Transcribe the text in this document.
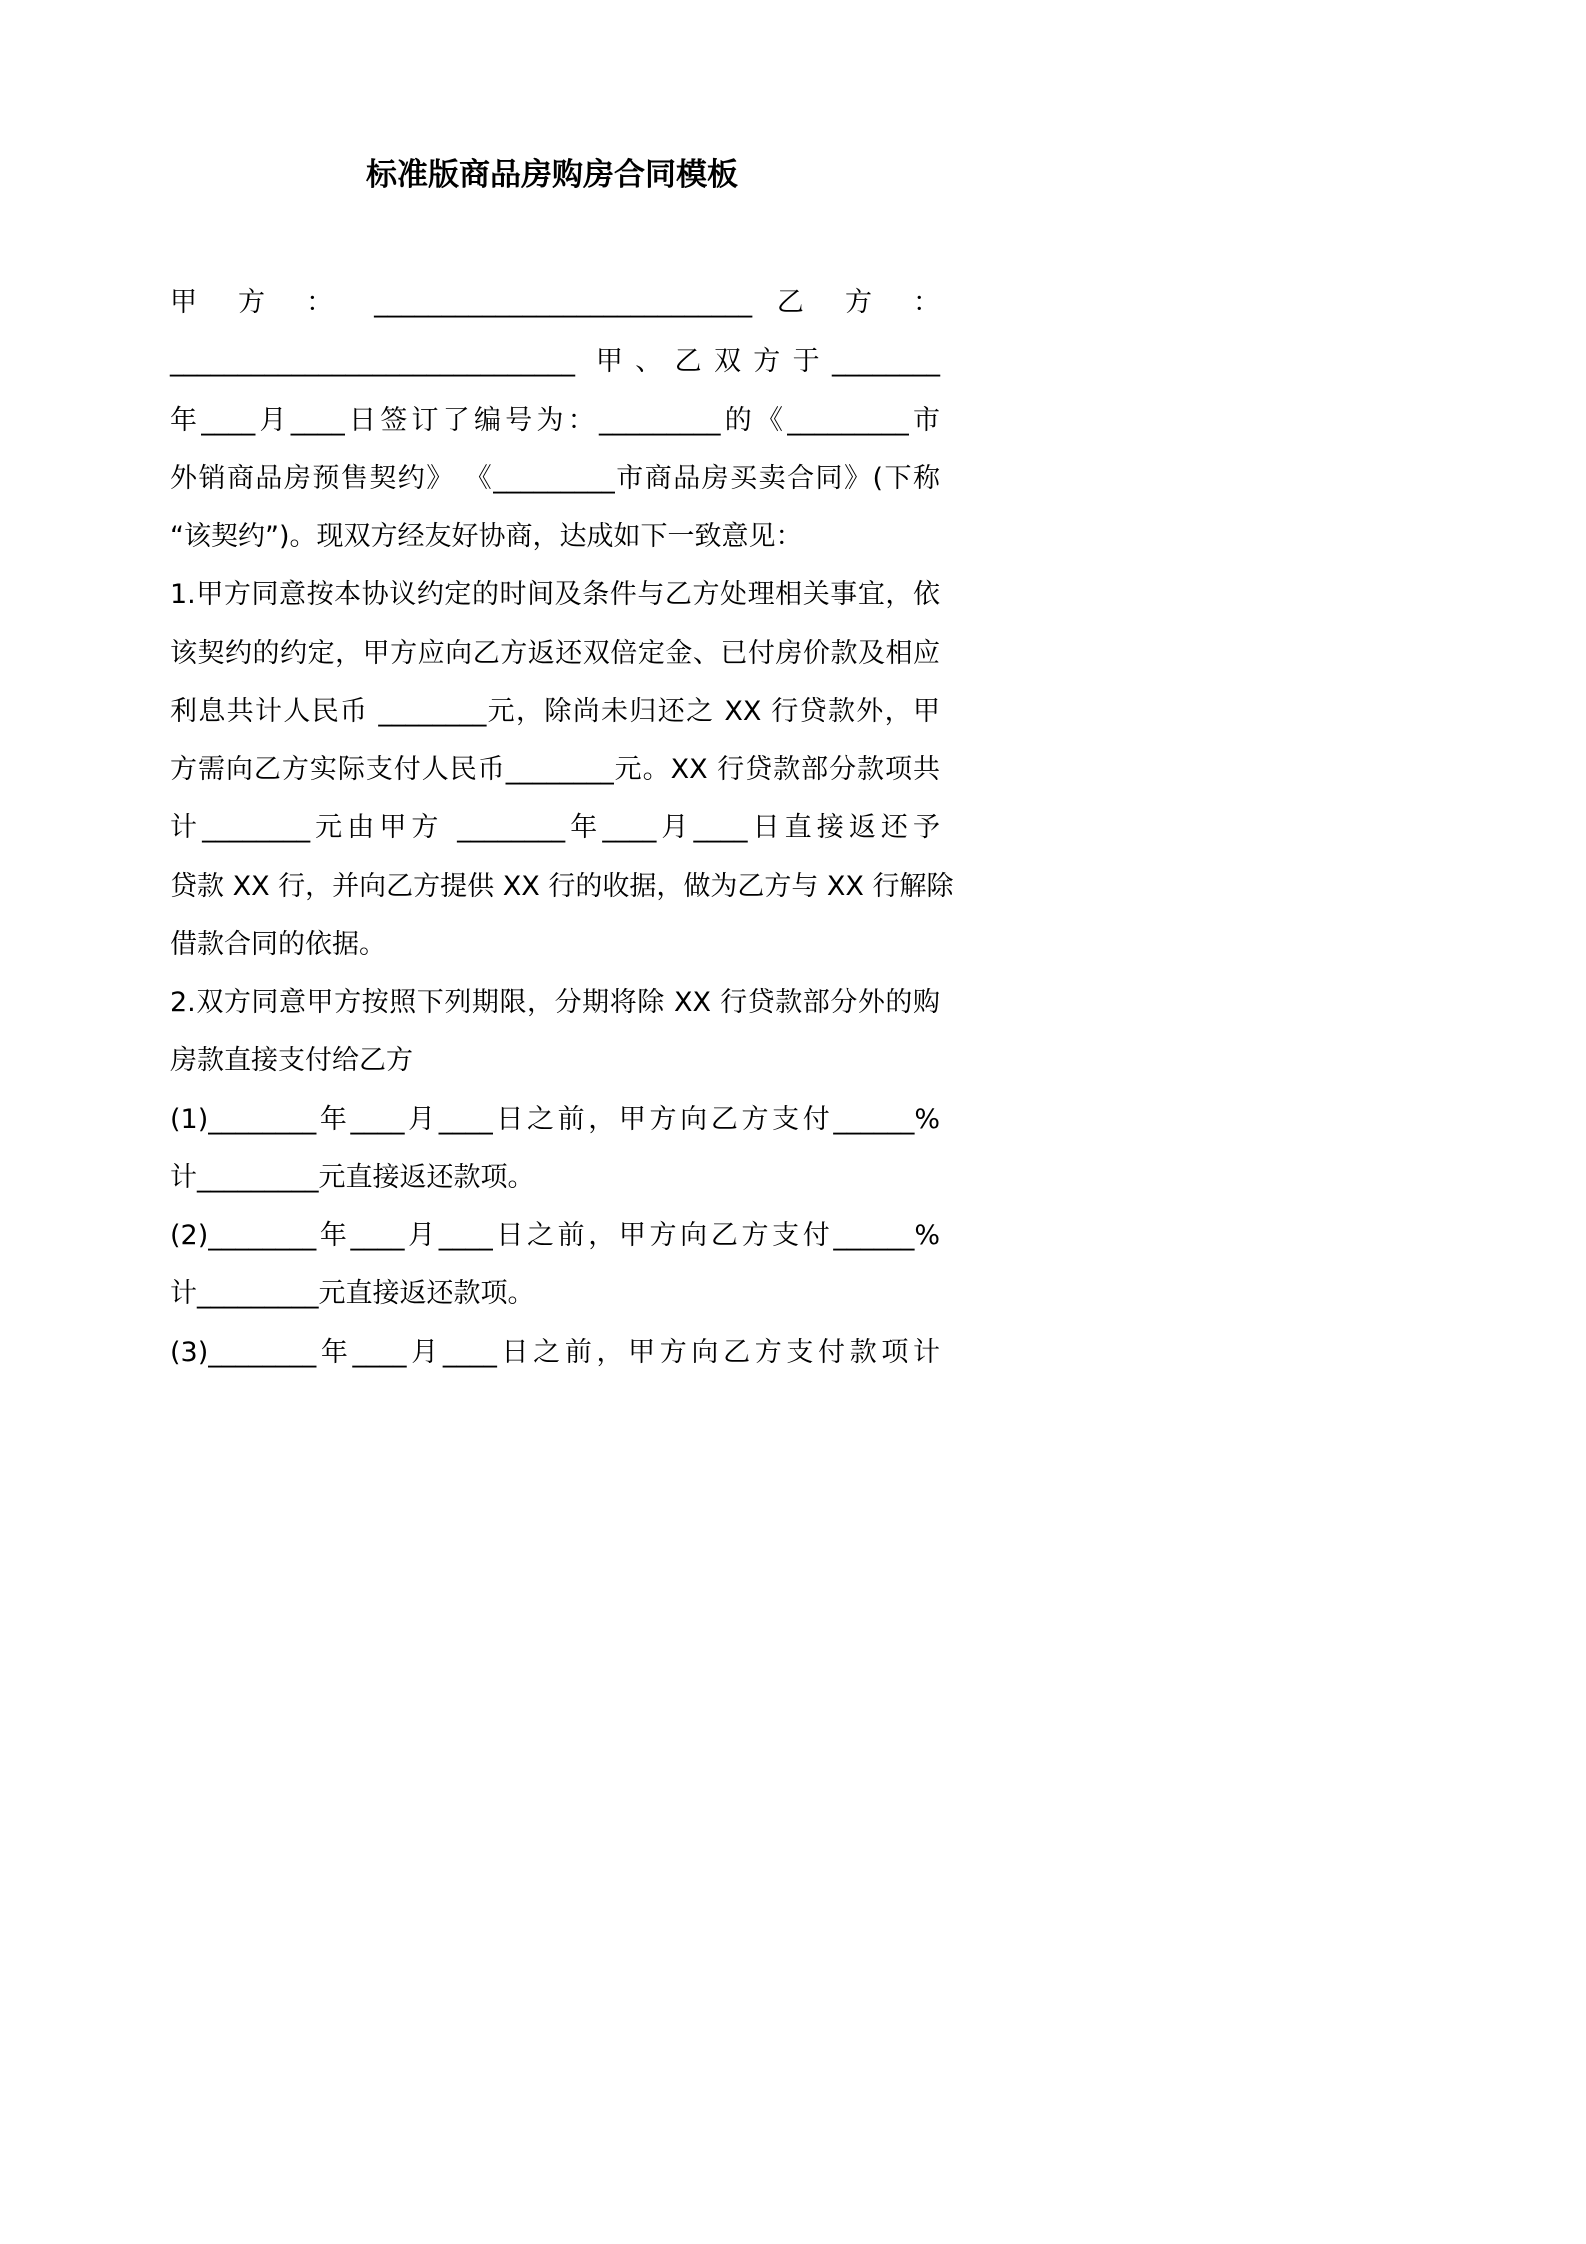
标准版商品房购房合同模板

甲 方 ： ____________________________ 乙 方 ：

______________________________ 甲、乙双方于________

年____月____日签订了编号为：_________的《_________市

外销商品房预售契约》 《_________市商品房买卖合同》(下称

“该契约”)。现双方经友好协商，达成如下一致意见：

1.甲方同意按本协议约定的时间及条件与乙方处理相关事宜，依

该契约的约定，甲方应向乙方返还双倍定金、已付房价款及相应

利息共计人民币 ________元，除尚未归还之 XX 行贷款外，甲

方需向乙方实际支付人民币________元。XX 行贷款部分款项共

计________元由甲方 ________年____月____日直接返还予

贷款 XX 行，并向乙方提供 XX 行的收据，做为乙方与 XX 行解除

借款合同的依据。

2.双方同意甲方按照下列期限，分期将除 XX 行贷款部分外的购

房款直接支付给乙方

(1)________年____月____日之前，甲方向乙方支付______%

计_________元直接返还款项。

(2)________年____月____日之前，甲方向乙方支付______%

计_________元直接返还款项。

(3)________年____月____日之前，甲方向乙方支付款项计
